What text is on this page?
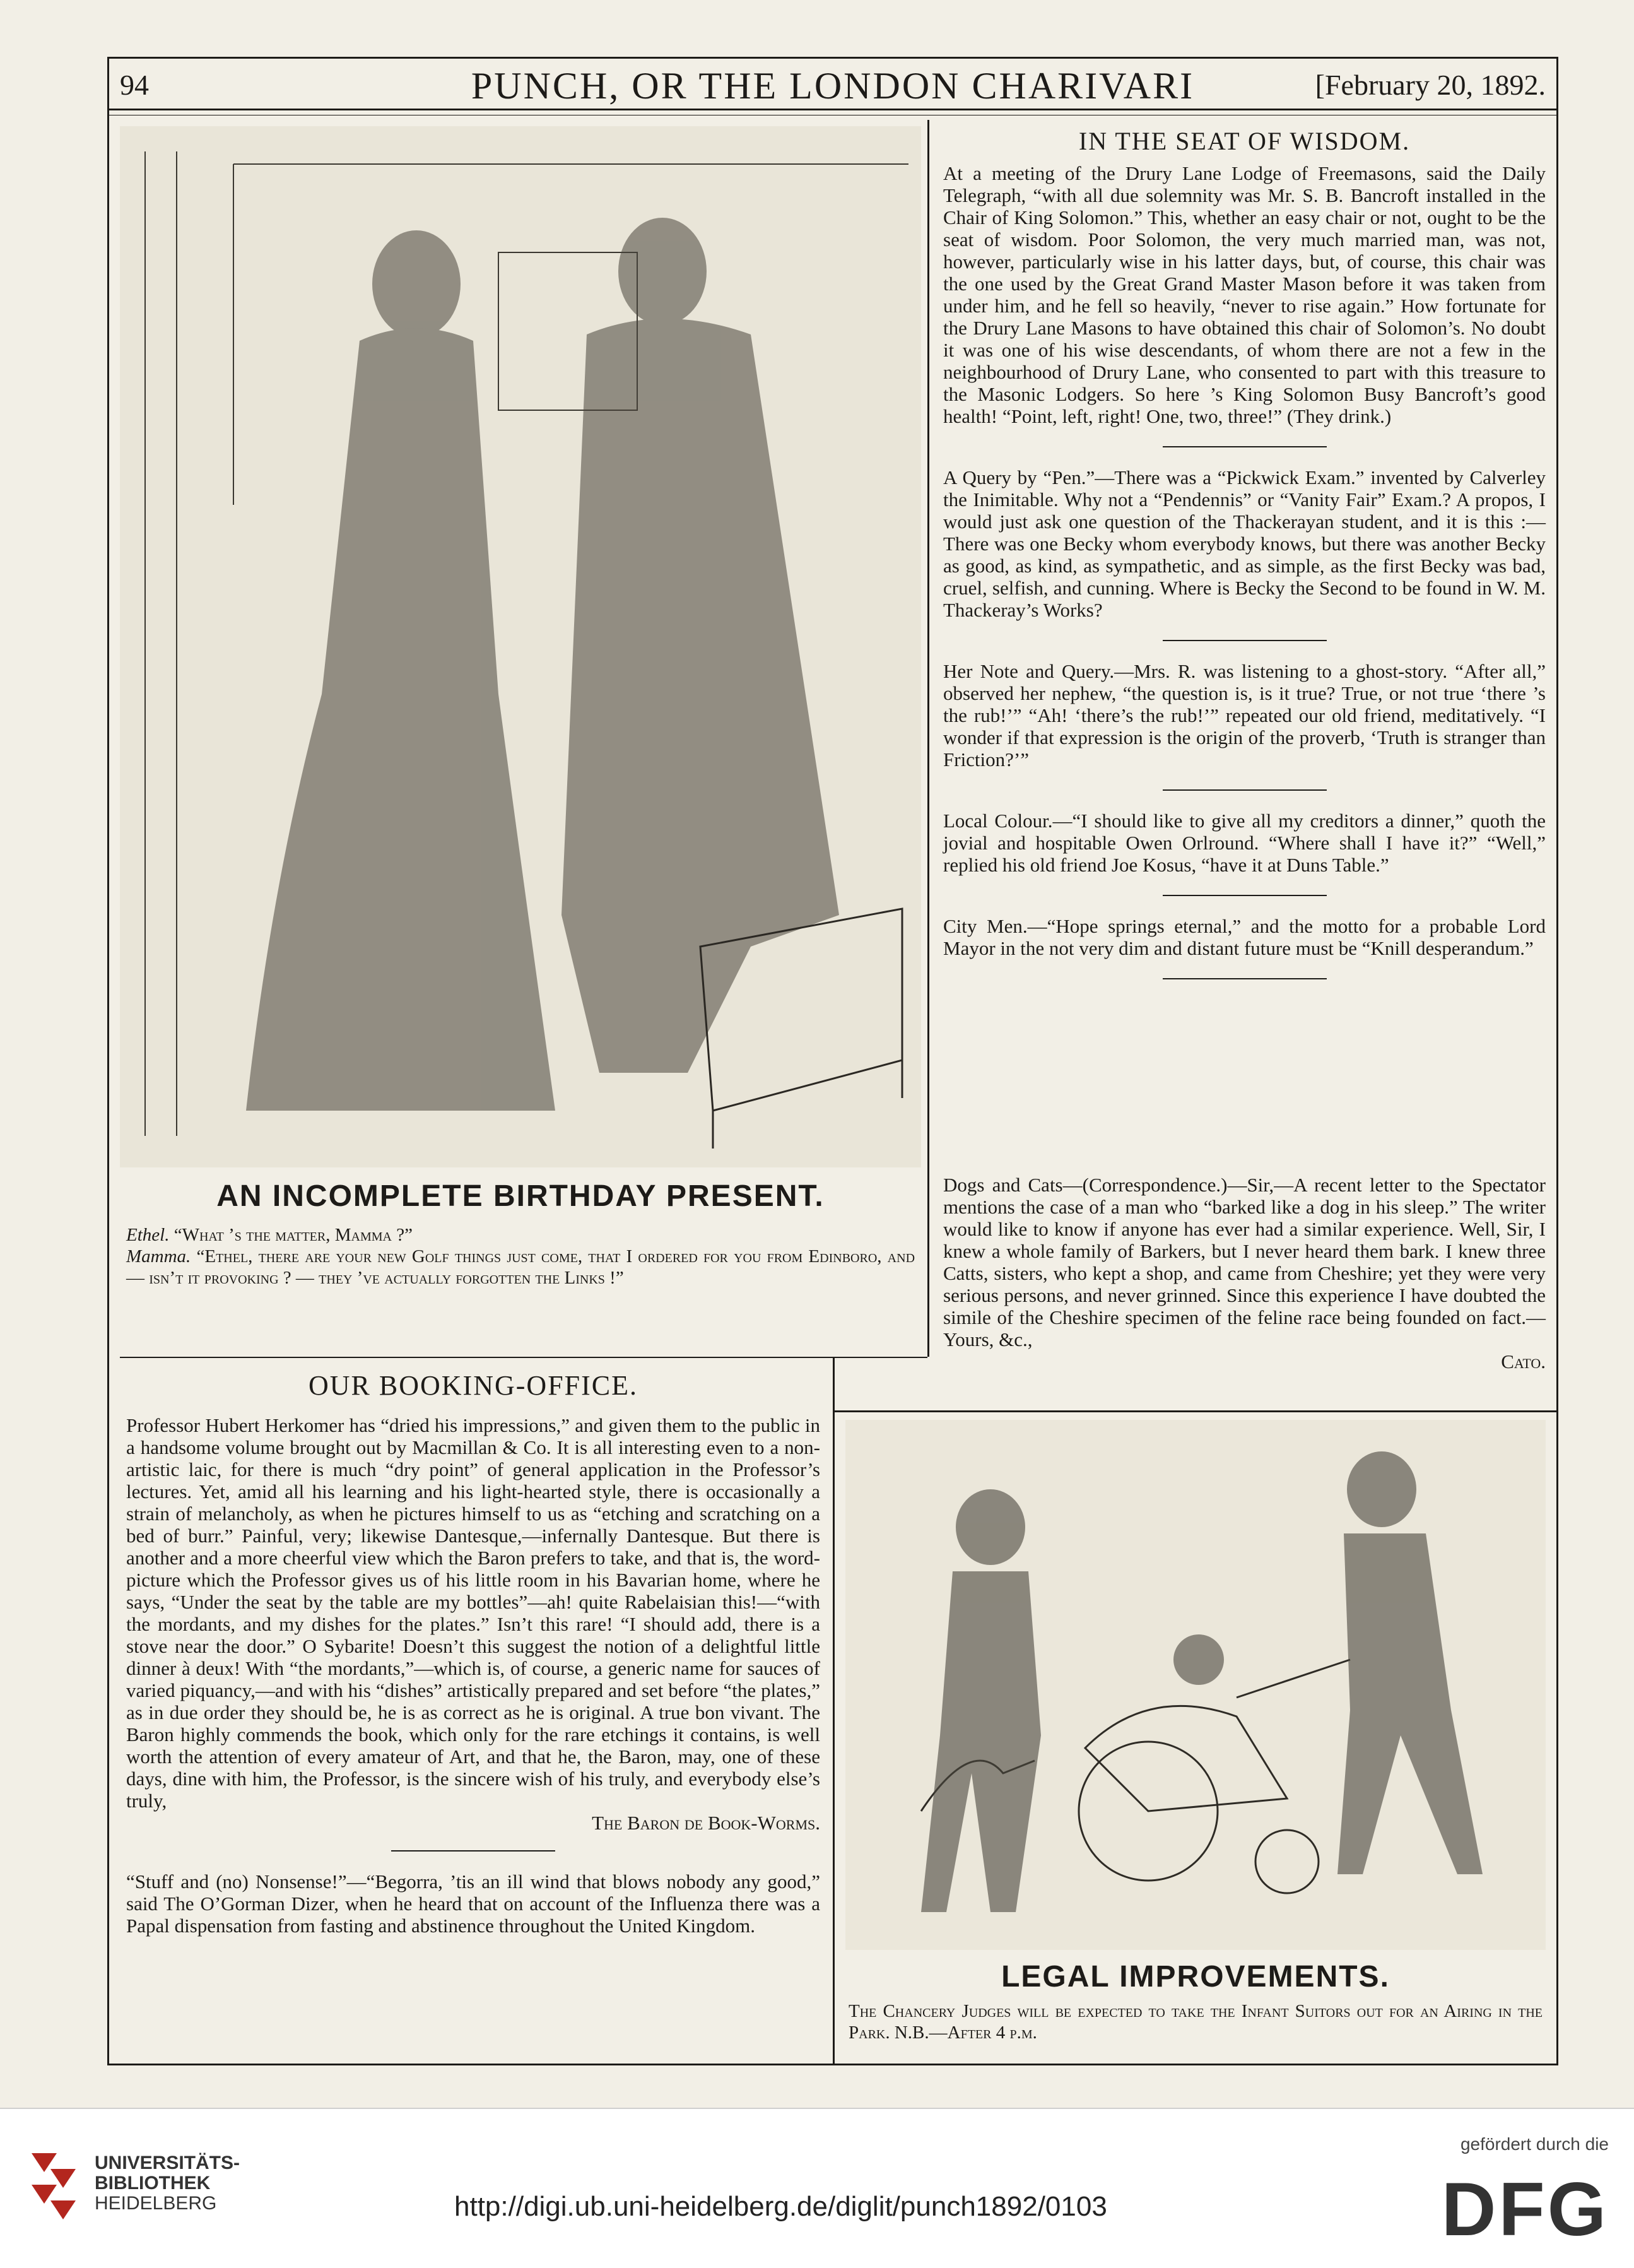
94	PUNCH, OR THE LONDON CHARIVARI	[February 20, 1892.
AN INCOMPLETE BIRTHDAY PRESENT.
Ethel. “What ’s the matter, Mamma ?”
Mamma. “Ethel, there are your new Golf things just come, that I ordered for you from Edinboro, and — isn’t it provoking ? — they ’ve actually forgotten the Links !”
IN THE SEAT OF WISDOM.

At a meeting of the Drury Lane Lodge of Freemasons, said the Daily Telegraph, “with all due solemnity was Mr. S. B. Bancroft installed in the Chair of King Solomon.” This, whether an easy chair or not, ought to be the seat of wisdom. Poor Solomon, the very much married man, was not, however, particularly wise in his latter days, but, of course, this chair was the one used by the Great Grand Master Mason before it was taken from under him, and he fell so heavily, “never to rise again.” How fortunate for the Drury Lane Masons to have obtained this chair of Solomon’s. No doubt it was one of his wise descendants, of whom there are not a few in the neighbourhood of Drury Lane, who consented to part with this treasure to the Masonic Lodgers. So here ’s King Solomon Busy Bancroft’s good health! “Point, left, right! One, two, three!” (They drink.)

A Query by “Pen.”—There was a “Pickwick Exam.” invented by Calverley the Inimitable. Why not a “Pendennis” or “Vanity Fair” Exam.? A propos, I would just ask one question of the Thackerayan student, and it is this :—There was one Becky whom everybody knows, but there was another Becky as good, as kind, as sympathetic, and as simple, as the first Becky was bad, cruel, selfish, and cunning. Where is Becky the Second to be found in W. M. Thackeray’s Works?

Her Note and Query.—Mrs. R. was listening to a ghost-story. “After all,” observed her nephew, “the question is, is it true? True, or not true ‘there ’s the rub!’” “Ah! ‘there’s the rub!’” repeated our old friend, meditatively. “I wonder if that expression is the origin of the proverb, ‘Truth is stranger than Friction?’”

Local Colour.—“I should like to give all my creditors a dinner,” quoth the jovial and hospitable Owen Orlround. “Where shall I have it?” “Well,” replied his old friend Joe Kosus, “have it at Duns Table.”

City Men.—“Hope springs eternal,” and the motto for a probable Lord Mayor in the not very dim and distant future must be “Knill desperandum.”

Dogs and Cats—(Correspondence.)—Sir,—A recent letter to the Spectator mentions the case of a man who “barked like a dog in his sleep.” The writer would like to know if anyone has ever had a similar experience. Well, Sir, I knew a whole family of Barkers, but I never heard them bark. I knew three Catts, sisters, who kept a shop, and came from Cheshire; yet they were very serious persons, and never grinned. Since this experience I have doubted the simile of the Cheshire specimen of the feline race being founded on fact.—Yours, &c.,

Cato.
OUR BOOKING-OFFICE.

Professor Hubert Herkomer has “dried his impressions,” and given them to the public in a handsome volume brought out by Macmillan & Co. It is all interesting even to a non-artistic laic, for there is much “dry point” of general application in the Professor’s lectures. Yet, amid all his learning and his light-hearted style, there is occasionally a strain of melancholy, as when he pictures himself to us as “etching and scratching on a bed of burr.” Painful, very; likewise Dantesque,—infernally Dantesque. But there is another and a more cheerful view which the Baron prefers to take, and that is, the word-picture which the Professor gives us of his little room in his Bavarian home, where he says, “Under the seat by the table are my bottles”—ah! quite Rabelaisian this!—“with the mordants, and my dishes for the plates.” Isn’t this rare! “I should add, there is a stove near the door.” O Sybarite! Doesn’t this suggest the notion of a delightful little dinner à deux! With “the mordants,”—which is, of course, a generic name for sauces of varied piquancy,—and with his “dishes” artistically prepared and set before “the plates,” as in due order they should be, he is as correct as he is original. A true bon vivant. The Baron highly commends the book, which only for the rare etchings it contains, is well worth the attention of every amateur of Art, and that he, the Baron, may, one of these days, dine with him, the Professor, is the sincere wish of his truly, and everybody else’s truly,

The Baron de Book-Worms.

“Stuff and (no) Nonsense!”—“Begorra, ’tis an ill wind that blows nobody any good,” said The O’Gorman Dizer, when he heard that on account of the Influenza there was a Papal dispensation from fasting and abstinence throughout the United Kingdom.

LEGAL IMPROVEMENTS.
The Chancery Judges will be expected to take the Infant Suitors out for an Airing in the Park. N.B.—After 4 p.m.
UNIVERSITÄTS-
BIBLIOTHEK
HEIDELBERG	http://digi.ub.uni-heidelberg.de/diglit/punch1892/0103
gefördert durch die
DFG
